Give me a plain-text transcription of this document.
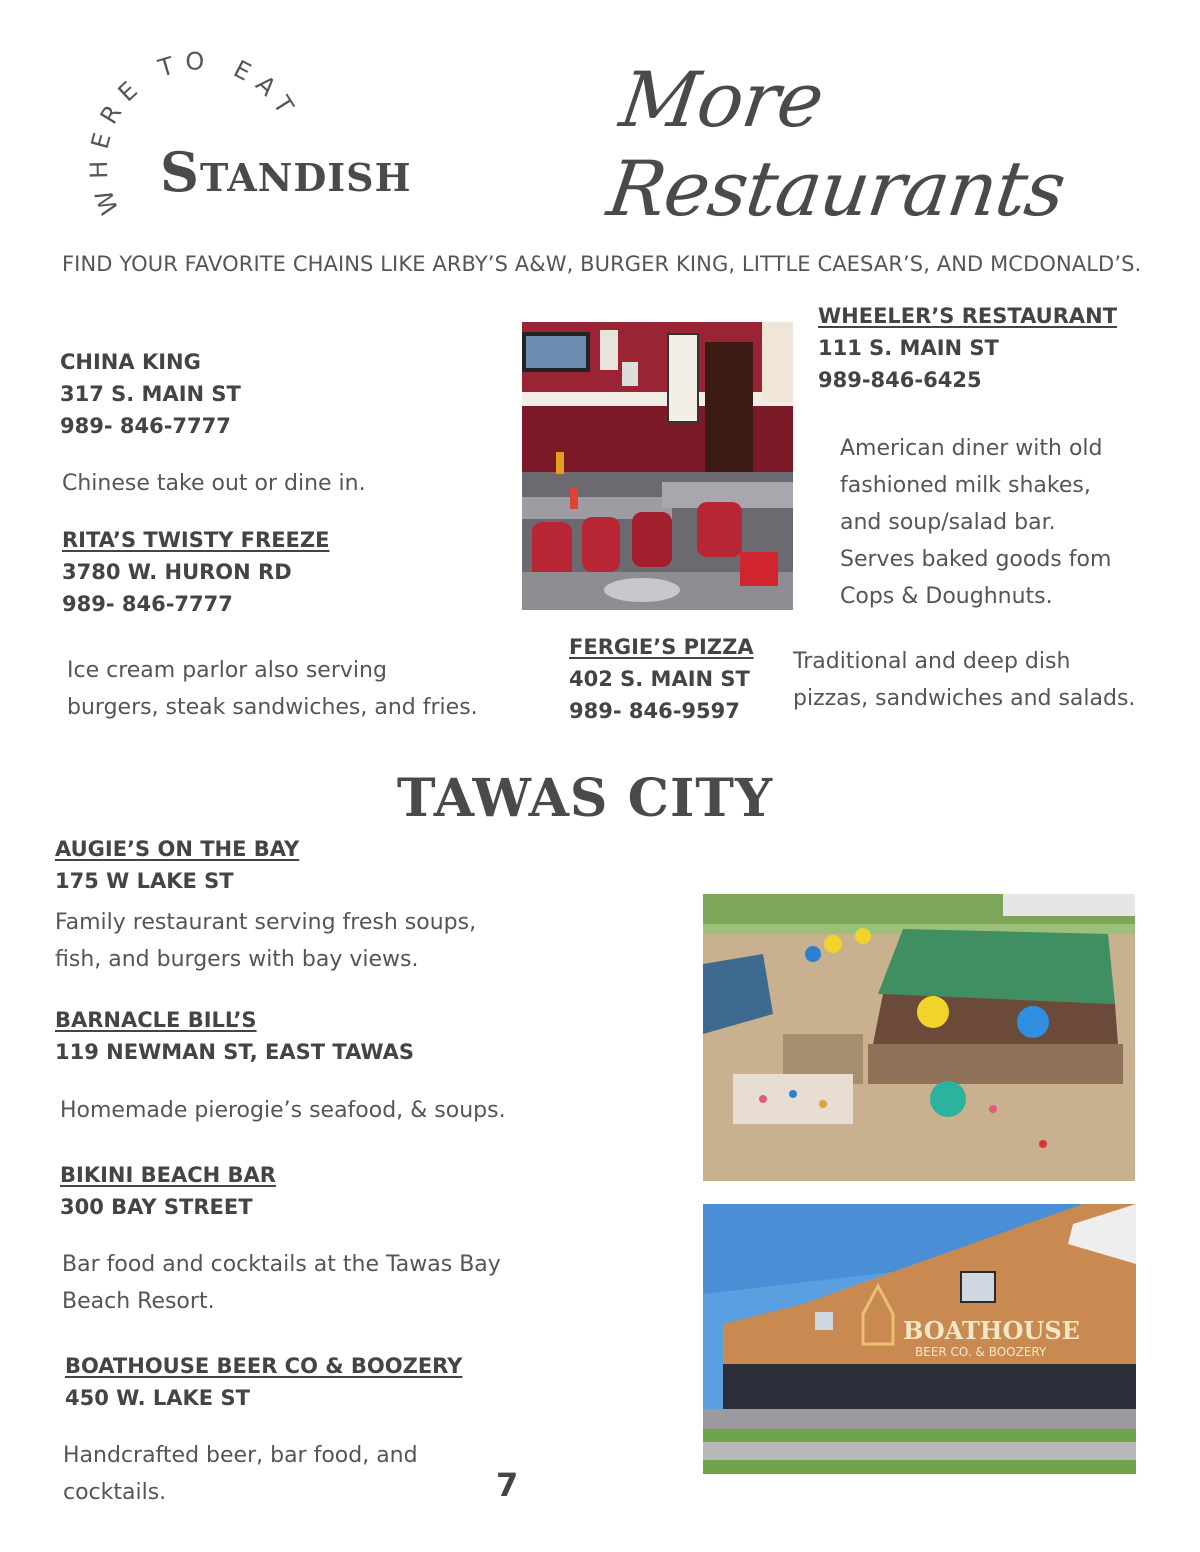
WHERE TO EAT
Standish
More Restaurants
FIND YOUR FAVORITE CHAINS LIKE ARBY’S A&W, BURGER KING, LITTLE CAESAR’S, AND MCDONALD’S.
CHINA KING
317 S. MAIN ST
989- 846-7777
Chinese take out or dine in.
RITA’S TWISTY FREEZE
3780 W. HURON RD
989- 846-7777
Ice cream parlor also serving
burgers, steak sandwiches, and fries.
WHEELER’S RESTAURANT
111 S. MAIN ST
989-846-6425
American diner with old
fashioned milk shakes,
and soup/salad bar.
Serves baked goods fom
Cops & Doughnuts.
FERGIE’S PIZZA
402 S. MAIN ST
989- 846-9597
Traditional and deep dish
pizzas, sandwiches and salads.
TAWAS CITY
AUGIE’S ON THE BAY
175 W LAKE ST
Family restaurant serving fresh soups,
fish, and burgers with bay views.
BARNACLE BILL’S
119 NEWMAN ST, EAST TAWAS
Homemade pierogie’s seafood, & soups.
BIKINI BEACH BAR
300 BAY STREET
Bar food and cocktails at the Tawas Bay
Beach Resort.
BOATHOUSE BEER CO & BOOZERY
450 W. LAKE ST
Handcrafted beer, bar food, and
cocktails.
BOATHOUSE
BEER CO. & BOOZERY
7
